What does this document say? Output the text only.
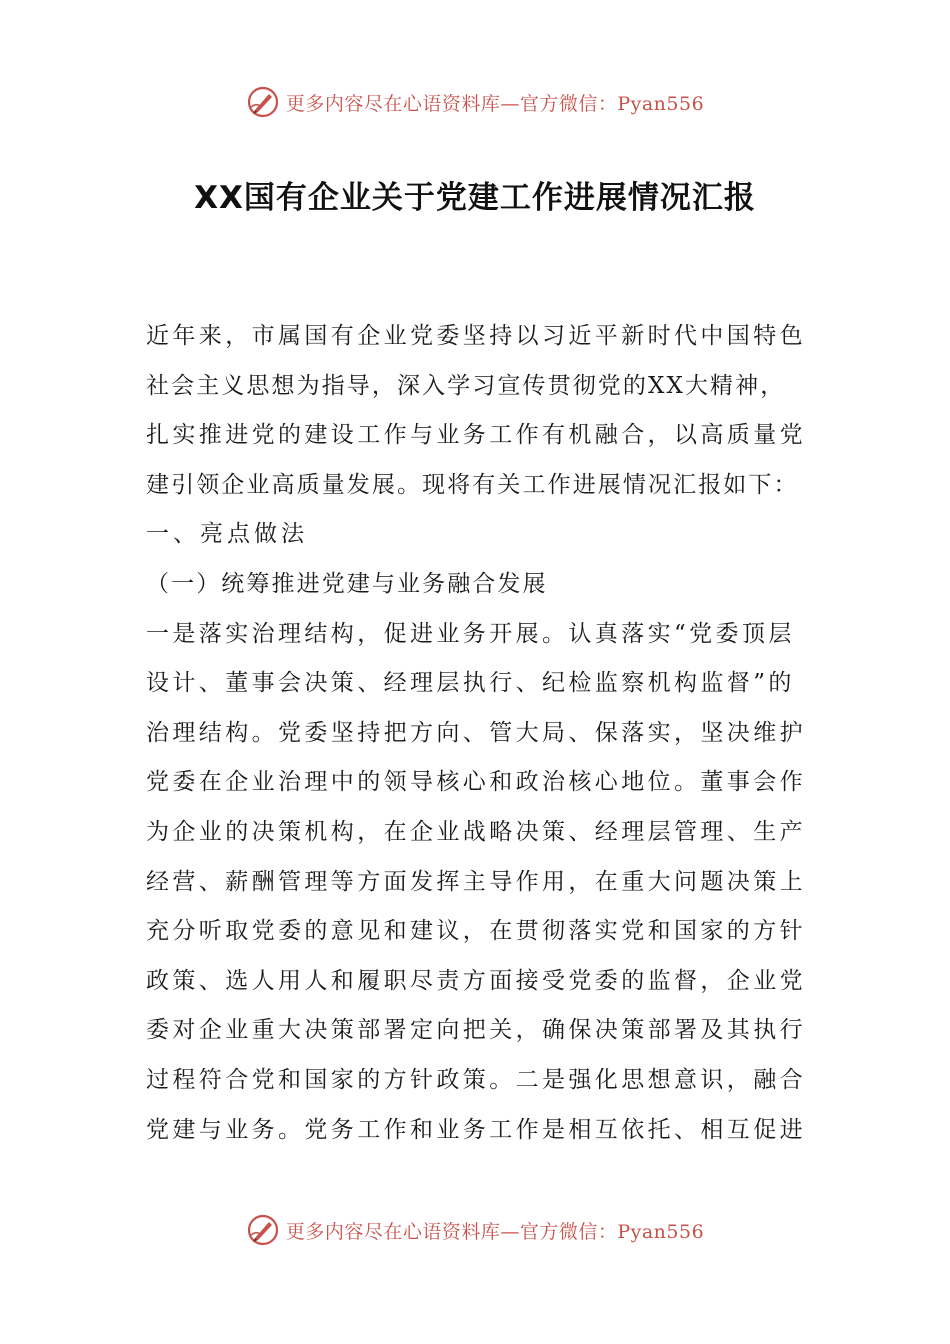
更多内容尽在心语资料库—官方微信：Pyan556
XX国有企业关于党建工作进展情况汇报
近年来，市属国有企业党委坚持以习近平新时代中国特色
社会主义思想为指导，深入学习宣传贯彻党的XX大精神，
扎实推进党的建设工作与业务工作有机融合，以高质量党
建引领企业高质量发展。现将有关工作进展情况汇报如下：
一、亮点做法
（一）统筹推进党建与业务融合发展
一是落实治理结构，促进业务开展。认真落实“党委顶层
设计、董事会决策、经理层执行、纪检监察机构监督”的
治理结构。党委坚持把方向、管大局、保落实，坚决维护
党委在企业治理中的领导核心和政治核心地位。董事会作
为企业的决策机构，在企业战略决策、经理层管理、生产
经营、薪酬管理等方面发挥主导作用，在重大问题决策上
充分听取党委的意见和建议，在贯彻落实党和国家的方针
政策、选人用人和履职尽责方面接受党委的监督，企业党
委对企业重大决策部署定向把关，确保决策部署及其执行
过程符合党和国家的方针政策。二是强化思想意识，融合
党建与业务。党务工作和业务工作是相互依托、相互促进
更多内容尽在心语资料库—官方微信：Pyan556
